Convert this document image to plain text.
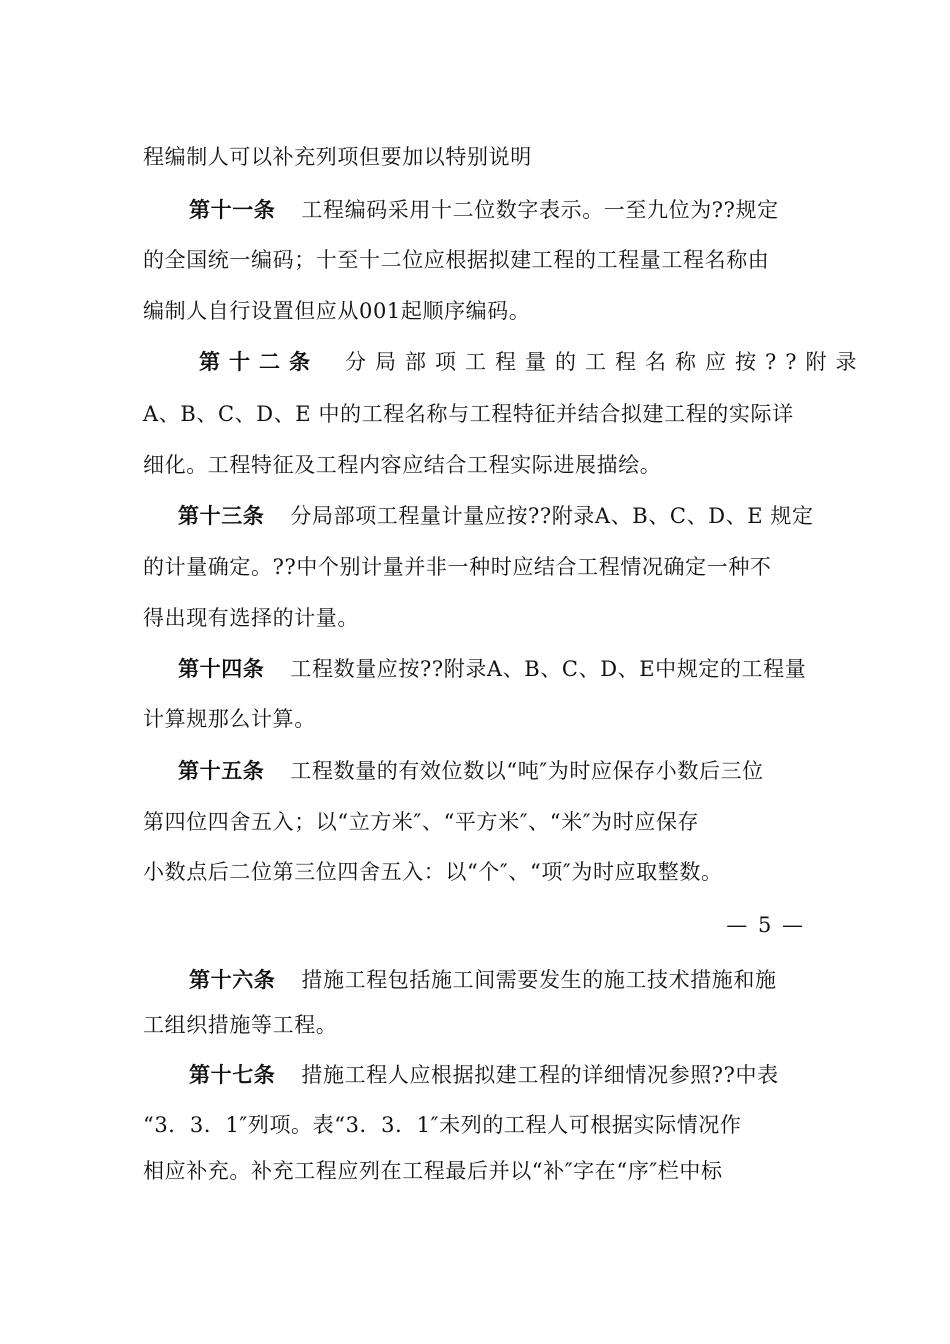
程编制人可以补充列项但要加以特别说明
第十一条 工程编码采用十二位数字表示。一至九位为??规定
的全国统一编码；十至十二位应根据拟建工程的工程量工程名称由
编制人自行设置但应从001起顺序编码。
第十二条 分局部项工程量的工程名称应按??附录
A、B、C、D、E 中的工程名称与工程特征并结合拟建工程的实际详
细化。工程特征及工程内容应结合工程实际进展描绘。
第十三条 分局部项工程量计量应按??附录A、B、C、D、E 规定
的计量确定。??中个别计量并非一种时应结合工程情况确定一种不
得出现有选择的计量。
第十四条 工程数量应按??附录A、B、C、D、E中规定的工程量
计算规那么计算。
第十五条 工程数量的有效位数以“吨″为时应保存小数后三位
第四位四舍五入；以“立方米″、“平方米″、“米″为时应保存
小数点后二位第三位四舍五入：以“个″、“项″为时应取整数。
— 5 —
第十六条 措施工程包括施工间需要发生的施工技术措施和施
工组织措施等工程。
第十七条 措施工程人应根据拟建工程的详细情况参照??中表
“3．3．1″列项。表“3．3．1″未列的工程人可根据实际情况作
相应补充。补充工程应列在工程最后并以“补″字在“序″栏中标
